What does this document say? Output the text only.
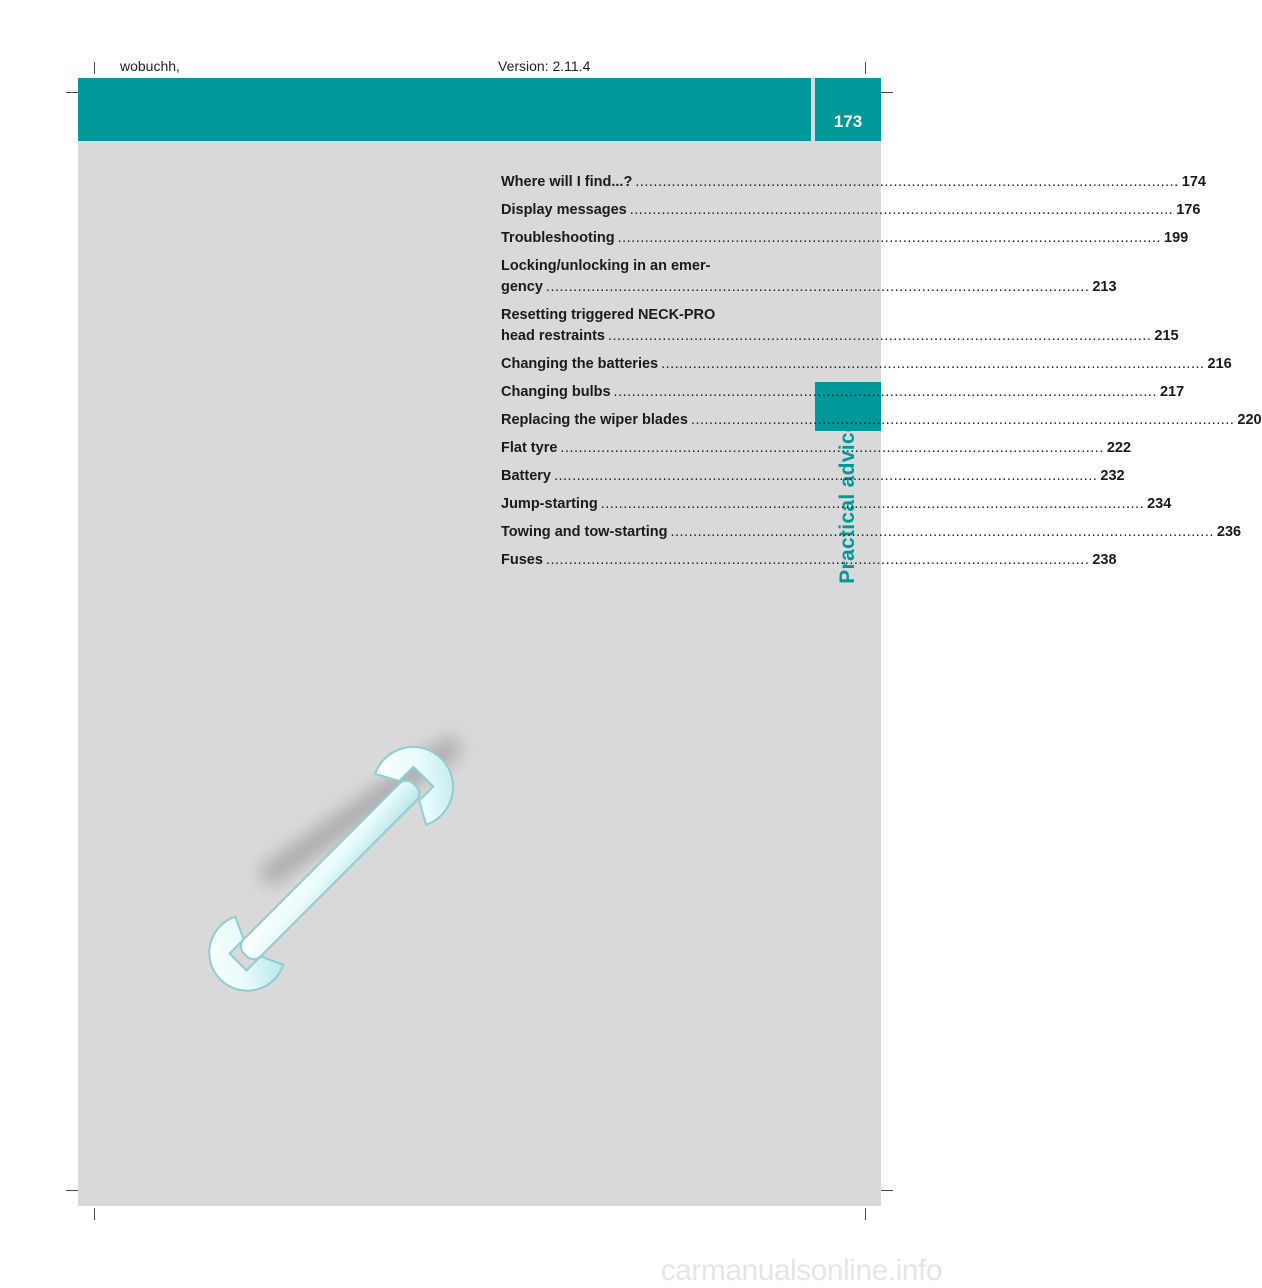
wobuchh,	Version: 2.11.4
173
Practical advice
Where will I find...? ........................................................................................................................ 174
Display messages ........................................................................................................................ 176
Troubleshooting ........................................................................................................................ 199
Locking/unlocking in an emer-
gency ........................................................................................................................ 213
Resetting triggered NECK-PRO
head restraints ........................................................................................................................ 215
Changing the batteries ........................................................................................................................ 216
Changing bulbs ........................................................................................................................ 217
Replacing the wiper blades ........................................................................................................................ 220
Flat tyre ........................................................................................................................ 222
Battery ........................................................................................................................ 232
Jump-starting ........................................................................................................................ 234
Towing and tow-starting ........................................................................................................................ 236
Fuses ........................................................................................................................ 238
carmanualsonline.info
